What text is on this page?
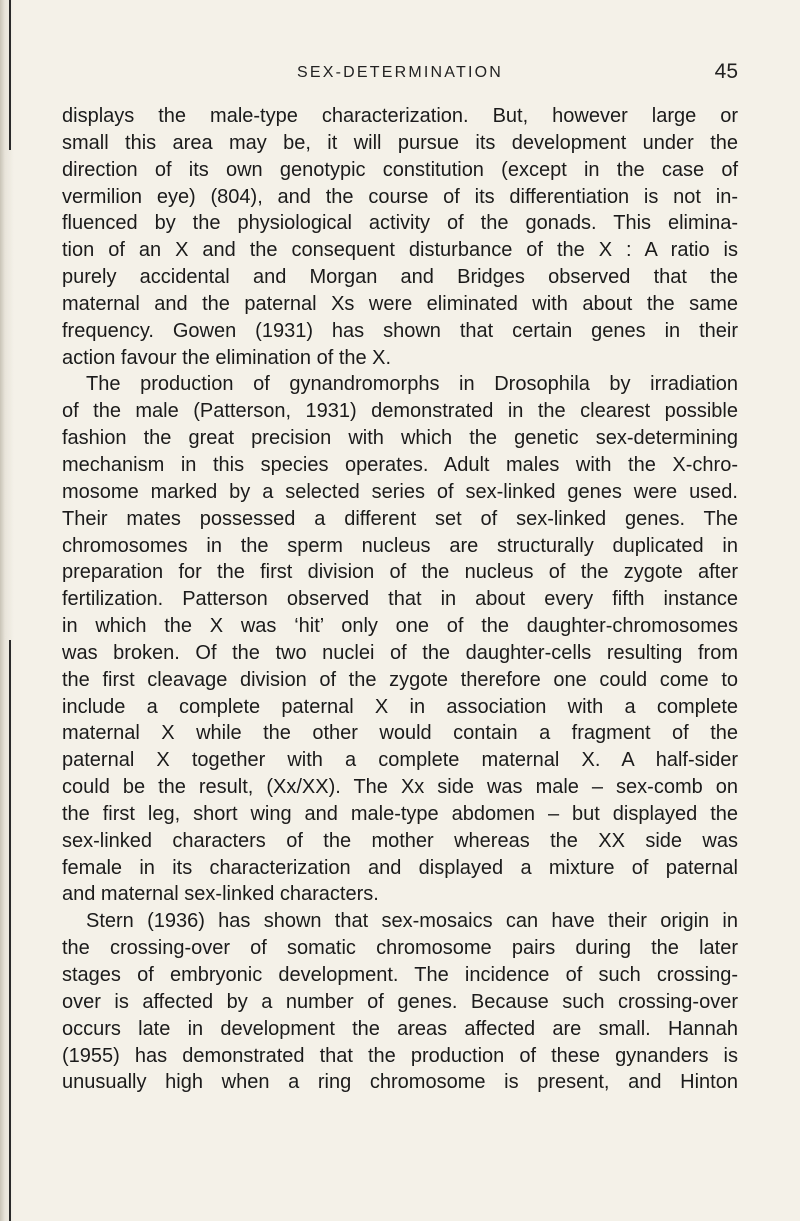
SEX-DETERMINATION	45

displays the male-type characterization. But, however large or

small this area may be, it will pursue its development under the

direction of its own genotypic constitution (except in the case of

vermilion eye) (804), and the course of its differentiation is not in-

fluenced by the physiological activity of the gonads. This elimina-

tion of an X and the consequent disturbance of the X : A ratio is

purely accidental and Morgan and Bridges observed that the

maternal and the paternal Xs were eliminated with about the same

frequency. Gowen (1931) has shown that certain genes in their

action favour the elimination of the X.

The production of gynandromorphs in Drosophila by irradiation

of the male (Patterson, 1931) demonstrated in the clearest possible

fashion the great precision with which the genetic sex-determining

mechanism in this species operates. Adult males with the X-chro-

mosome marked by a selected series of sex-linked genes were used.

Their mates possessed a different set of sex-linked genes. The

chromosomes in the sperm nucleus are structurally duplicated in

preparation for the first division of the nucleus of the zygote after

fertilization. Patterson observed that in about every fifth instance

in which the X was ‘hit’ only one of the daughter-chromosomes

was broken. Of the two nuclei of the daughter-cells resulting from

the first cleavage division of the zygote therefore one could come to

include a complete paternal X in association with a complete

maternal X while the other would contain a fragment of the

paternal X together with a complete maternal X. A half-sider

could be the result, (Xx/XX). The Xx side was male – sex-comb on

the first leg, short wing and male-type abdomen – but displayed the

sex-linked characters of the mother whereas the XX side was

female in its characterization and displayed a mixture of paternal

and maternal sex-linked characters.

Stern (1936) has shown that sex-mosaics can have their origin in

the crossing-over of somatic chromosome pairs during the later

stages of embryonic development. The incidence of such crossing-

over is affected by a number of genes. Because such crossing-over

occurs late in development the areas affected are small. Hannah

(1955) has demonstrated that the production of these gynanders is

unusually high when a ring chromosome is present, and Hinton
